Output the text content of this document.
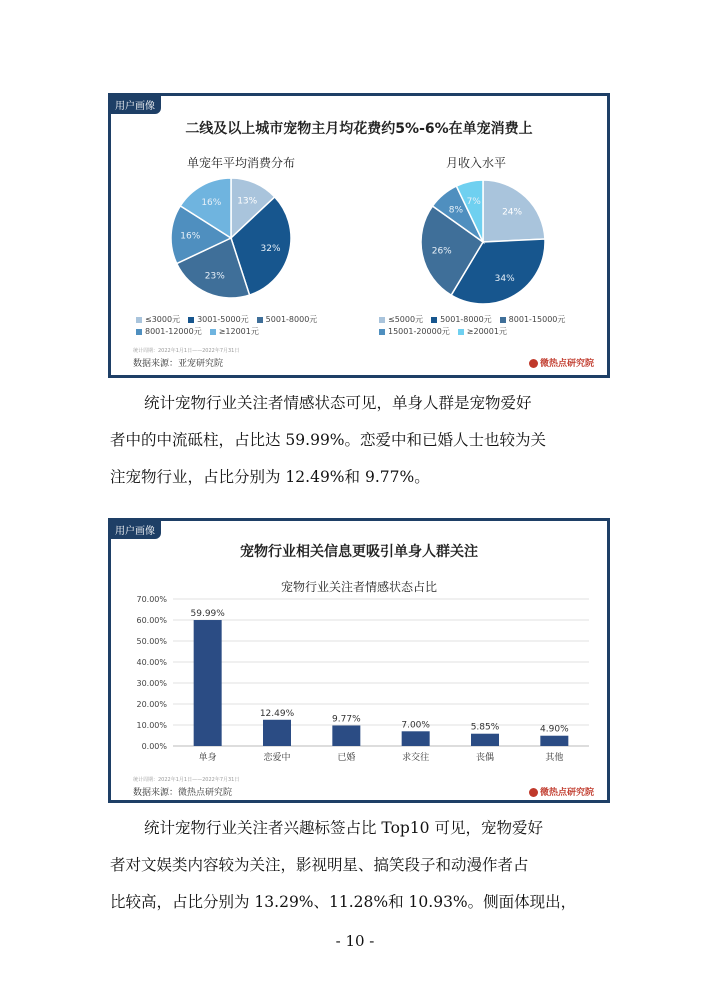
用户画像
二线及以上城市宠物主月均花费约5%-6%在单宠消费上
单宠年平均消费分布	月收入水平
13%
32%
23%
16%
16%
24%
34%
26%
8%
7%
≤3000元 3001-5000元 5001-8000元8001-12000元 ≥12001元
≤5000元 5001-8000元 8001-15000元15001-20000元 ≥20001元
统计周期：2022年1月1日——2022年7月31日
数据来源：亚宠研究院	微热点研究院
统计宠物行业关注者情感状态可见，单身人群是宠物爱好
者中的中流砥柱，占比达 59.99%。恋爱中和已婚人士也较为关
注宠物行业，占比分别为 12.49%和 9.77%。
用户画像
宠物行业相关信息更吸引单身人群关注
宠物行业关注者情感状态占比
0.00%
10.00%
20.00%
30.00%
40.00%
50.00%
60.00%
70.00%
59.99%
单身
12.49%
恋爱中
9.77%
已婚
7.00%
求交往
5.85%
丧偶
4.90%
其他
统计周期：2022年1月1日——2022年7月31日
数据来源：微热点研究院	微热点研究院
统计宠物行业关注者兴趣标签占比 Top10 可见，宠物爱好
者对文娱类内容较为关注，影视明星、搞笑段子和动漫作者占
比较高，占比分别为 13.29%、11.28%和 10.93%。侧面体现出，
- 10 -
